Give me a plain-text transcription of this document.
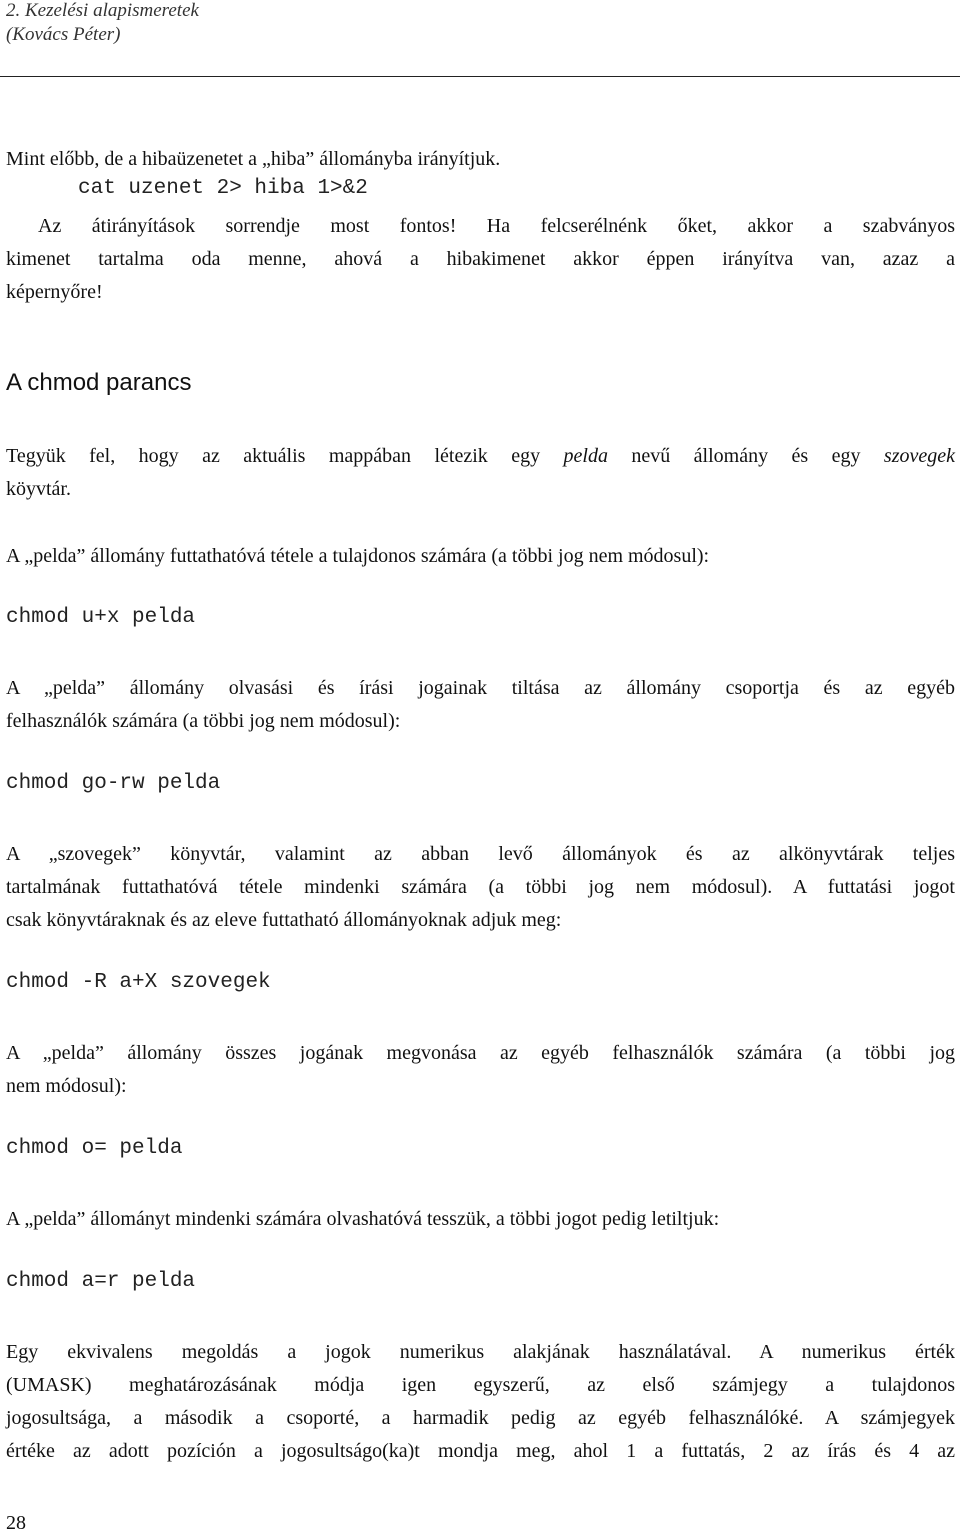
2. Kezelési alapismeretek
(Kovács Péter)
Mint előbb, de a hibaüzenetet a „hiba” állományba irányítjuk.
cat uzenet 2> hiba 1>&2
Az átirányítások sorrendje most fontos! Ha felcserélnénk őket, akkor a szabványos
kimenet tartalma oda menne, ahová a hibakimenet akkor éppen irányítva van, azaz a
képernyőre!
A chmod parancs
Tegyük fel, hogy az aktuális mappában létezik egy pelda nevű állomány és egy szovegek
köyvtár.
A „pelda” állomány futtathatóvá tétele a tulajdonos számára (a többi jog nem módosul):
chmod u+x pelda
A „pelda” állomány olvasási és írási jogainak tiltása az állomány csoportja és az egyéb
felhasználók számára (a többi jog nem módosul):
chmod go-rw pelda
A „szovegek” könyvtár, valamint az abban levő állományok és az alkönyvtárak teljes
tartalmának futtathatóvá tétele mindenki számára (a többi jog nem módosul). A futtatási jogot
csak könyvtáraknak és az eleve futtatható állományoknak adjuk meg:
chmod -R a+X szovegek
A „pelda” állomány összes jogának megvonása az egyéb felhasználók számára (a többi jog
nem módosul):
chmod o= pelda
A „pelda” állományt mindenki számára olvashatóvá tesszük, a többi jogot pedig letiltjuk:
chmod a=r pelda
Egy ekvivalens megoldás a jogok numerikus alakjának használatával. A numerikus érték
(UMASK) meghatározásának módja igen egyszerű, az első számjegy a tulajdonos
jogosultsága, a második a csoporté, a harmadik pedig az egyéb felhasználóké. A számjegyek
értéke az adott pozíción a jogosultságo(ka)t mondja meg, ahol 1 a futtatás, 2 az írás és 4 az
28
